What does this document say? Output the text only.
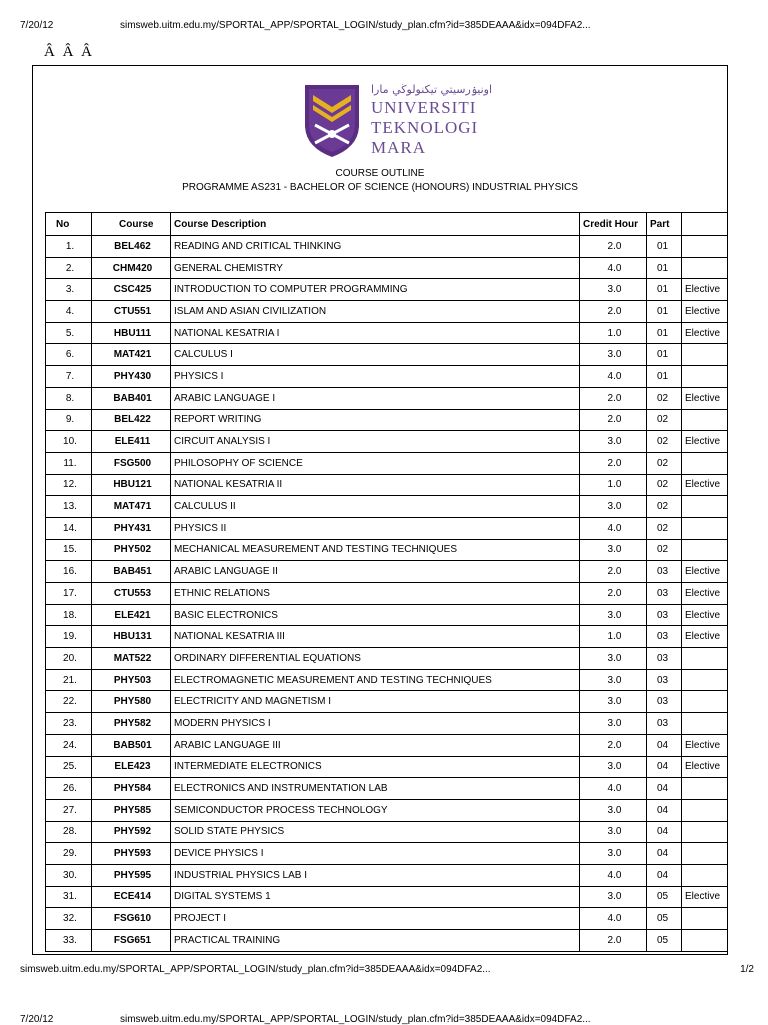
7/20/12	simsweb.uitm.edu.my/SPORTAL_APP/SPORTAL_LOGIN/study_plan.cfm?id=385DEAAA&idx=094DFA2...
Â Â Â
اونيۏرسيتي تيكنولوڬي مارا
UNIVERSITI
TEKNOLOGI
MARA
COURSE OUTLINE
PROGRAMME AS231 - BACHELOR OF SCIENCE (HONOURS) INDUSTRIAL PHYSICS
No	Course	Course Description	Credit Hour	Part	
1.	BEL462	READING AND CRITICAL THINKING	2.0	01	
2.	CHM420	GENERAL CHEMISTRY	4.0	01	
3.	CSC425	INTRODUCTION TO COMPUTER PROGRAMMING	3.0	01	Elective
4.	CTU551	ISLAM AND ASIAN CIVILIZATION	2.0	01	Elective
5.	HBU111	NATIONAL KESATRIA I	1.0	01	Elective
6.	MAT421	CALCULUS I	3.0	01	
7.	PHY430	PHYSICS I	4.0	01	
8.	BAB401	ARABIC LANGUAGE I	2.0	02	Elective
9.	BEL422	REPORT WRITING	2.0	02	
10.	ELE411	CIRCUIT ANALYSIS I	3.0	02	Elective
11.	FSG500	PHILOSOPHY OF SCIENCE	2.0	02	
12.	HBU121	NATIONAL KESATRIA II	1.0	02	Elective
13.	MAT471	CALCULUS II	3.0	02	
14.	PHY431	PHYSICS II	4.0	02	
15.	PHY502	MECHANICAL MEASUREMENT AND TESTING TECHNIQUES	3.0	02	
16.	BAB451	ARABIC LANGUAGE II	2.0	03	Elective
17.	CTU553	ETHNIC RELATIONS	2.0	03	Elective
18.	ELE421	BASIC ELECTRONICS	3.0	03	Elective
19.	HBU131	NATIONAL KESATRIA III	1.0	03	Elective
20.	MAT522	ORDINARY DIFFERENTIAL EQUATIONS	3.0	03	
21.	PHY503	ELECTROMAGNETIC MEASUREMENT AND TESTING TECHNIQUES	3.0	03	
22.	PHY580	ELECTRICITY AND MAGNETISM I	3.0	03	
23.	PHY582	MODERN PHYSICS I	3.0	03	
24.	BAB501	ARABIC LANGUAGE III	2.0	04	Elective
25.	ELE423	INTERMEDIATE ELECTRONICS	3.0	04	Elective
26.	PHY584	ELECTRONICS AND INSTRUMENTATION LAB	4.0	04	
27.	PHY585	SEMICONDUCTOR PROCESS TECHNOLOGY	3.0	04	
28.	PHY592	SOLID STATE PHYSICS	3.0	04	
29.	PHY593	DEVICE PHYSICS I	3.0	04	
30.	PHY595	INDUSTRIAL PHYSICS LAB I	4.0	04	
31.	ECE414	DIGITAL SYSTEMS 1	3.0	05	Elective
32.	FSG610	PROJECT I	4.0	05	
33.	FSG651	PRACTICAL TRAINING	2.0	05	
simsweb.uitm.edu.my/SPORTAL_APP/SPORTAL_LOGIN/study_plan.cfm?id=385DEAAA&idx=094DFA2...	1/2
7/20/12	simsweb.uitm.edu.my/SPORTAL_APP/SPORTAL_LOGIN/study_plan.cfm?id=385DEAAA&idx=094DFA2...
